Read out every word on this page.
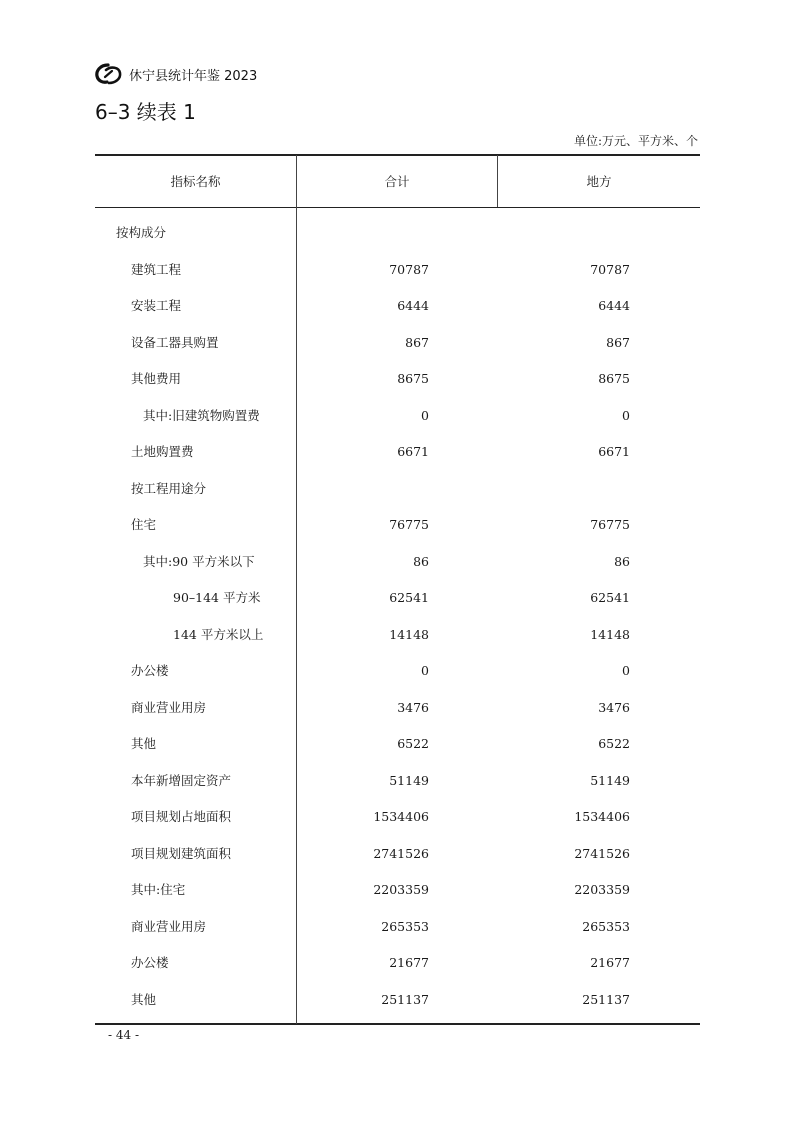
休宁县统计年鉴 2023
6–3 续表 1
单位:万元、平方米、个
指标名称	合计	地方
按构成分
建筑工程	70787	70787
安装工程	6444	6444
设备工器具购置	867	867
其他费用	8675	8675
其中:旧建筑物购置费	0	0
土地购置费	6671	6671
按工程用途分
住宅	76775	76775
其中:90 平方米以下	86	86
90–144 平方米	62541	62541
144 平方米以上	14148	14148
办公楼	0	0
商业营业用房	3476	3476
其他	6522	6522
本年新增固定资产	51149	51149
项目规划占地面积	1534406	1534406
项目规划建筑面积	2741526	2741526
其中:住宅	2203359	2203359
商业营业用房	265353	265353
办公楼	21677	21677
其他	251137	251137
- 44 -
